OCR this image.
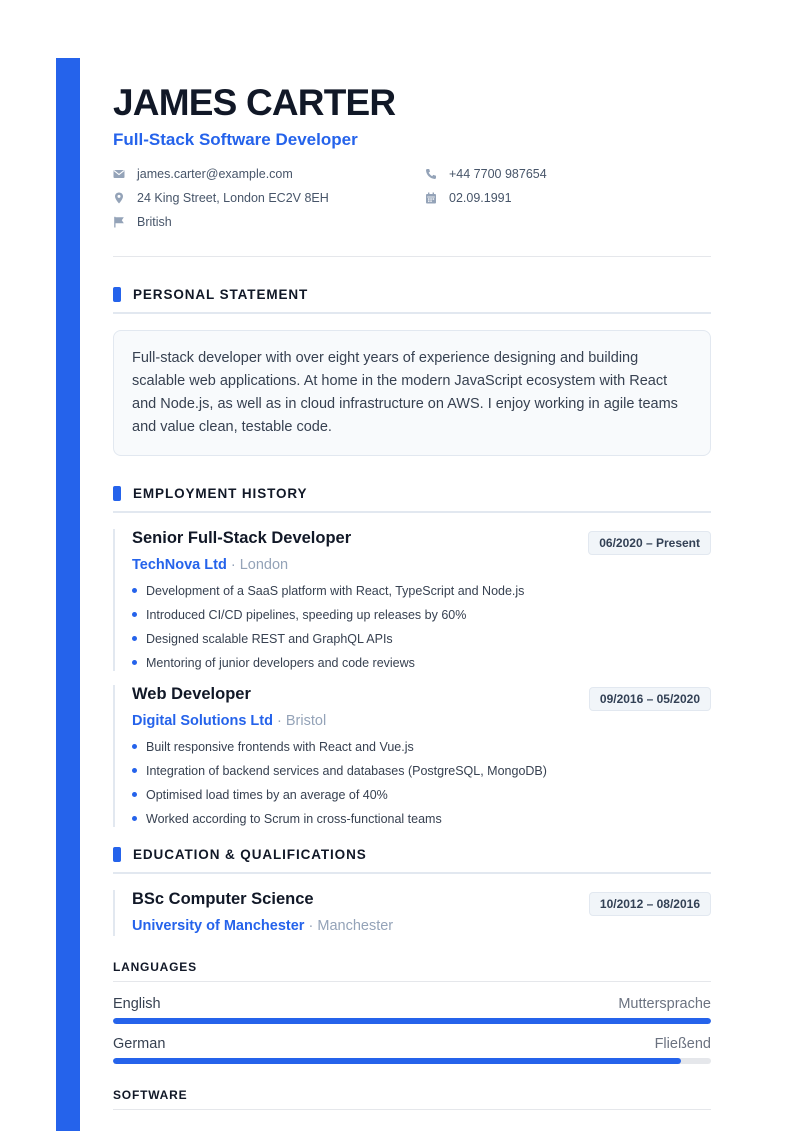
JAMES CARTER
Full-Stack Software Developer
james.carter@example.com	+44 7700 987654
24 King Street, London EC2V 8EH	02.09.1991
British
PERSONAL STATEMENT

Full-stack developer with over eight years of experience designing and building scalable web applications. At home in the modern JavaScript ecosystem with React and Node.js, as well as in cloud infrastructure on AWS. I enjoy working in agile teams and value clean, testable code.

EMPLOYMENT HISTORY
Senior Full-Stack Developer	06/2020 – Present
TechNova Ltd · London
Development of a SaaS platform with React, TypeScript and Node.js
Introduced CI/CD pipelines, speeding up releases by 60%
Designed scalable REST and GraphQL APIs
Mentoring of junior developers and code reviews
Web Developer	09/2016 – 05/2020
Digital Solutions Ltd · Bristol
Built responsive frontends with React and Vue.js
Integration of backend services and databases (PostgreSQL, MongoDB)
Optimised load times by an average of 40%
Worked according to Scrum in cross-functional teams
EDUCATION & QUALIFICATIONS
BSc Computer Science	10/2012 – 08/2016
University of Manchester · Manchester
LANGUAGES
English	Muttersprache
German	Fließend
SOFTWARE
